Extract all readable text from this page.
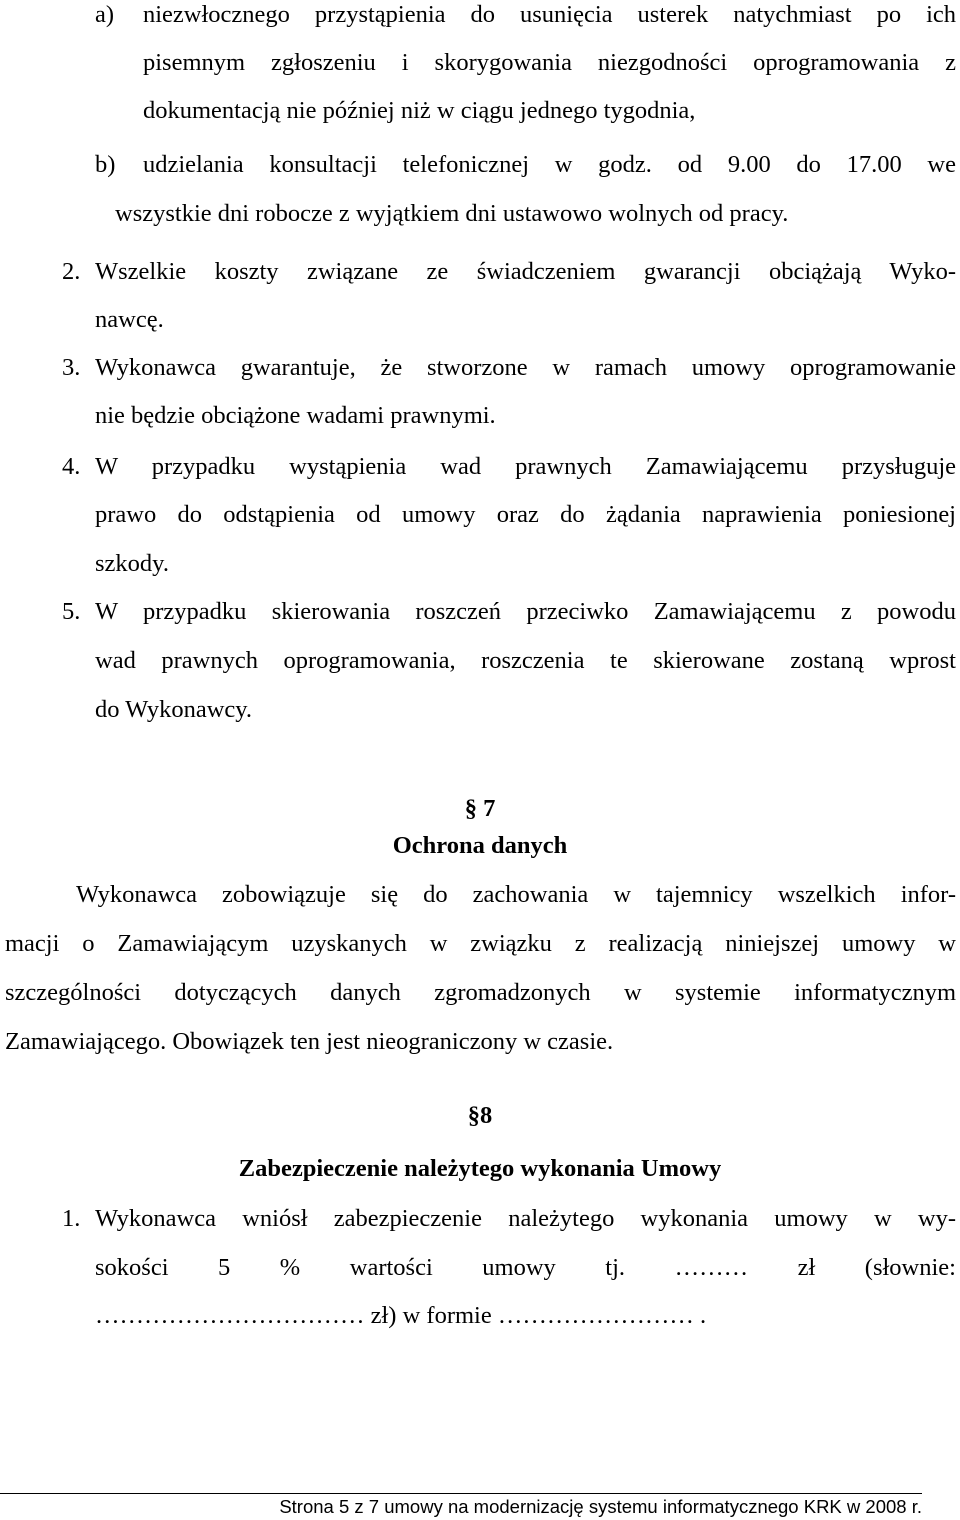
a) niezwłocznego przystąpienia do usunięcia usterek natychmiast po ich
pisemnym zgłoszeniu i skorygowania niezgodności oprogramowania z
dokumentacją nie później niż w ciągu jednego tygodnia,
b) udzielania konsultacji telefonicznej w godz. od 9.00 do 17.00 we
wszystkie dni robocze z wyjątkiem dni ustawowo wolnych od pracy.
2. Wszelkie koszty związane ze świadczeniem gwarancji obciążają Wyko-
nawcę.
3. Wykonawca gwarantuje, że stworzone w ramach umowy oprogramowanie
nie będzie obciążone wadami prawnymi.
4. W przypadku wystąpienia wad prawnych Zamawiającemu przysługuje
prawo do odstąpienia od umowy oraz do żądania naprawienia poniesionej
szkody.
5. W przypadku skierowania roszczeń przeciwko Zamawiającemu z powodu
wad prawnych oprogramowania, roszczenia te skierowane zostaną wprost
do Wykonawcy.
§ 7
Ochrona danych
Wykonawca zobowiązuje się do zachowania w tajemnicy wszelkich infor-
macji o Zamawiającym uzyskanych w związku z realizacją niniejszej umowy w
szczególności dotyczących danych zgromadzonych w systemie informatycznym
Zamawiającego. Obowiązek ten jest nieograniczony w czasie.
§8
Zabezpieczenie należytego wykonania Umowy
1. Wykonawca wniósł zabezpieczenie należytego wykonania umowy w wy-
sokości 5 % wartości umowy tj. ……… zł (słownie:
…………………………… zł) w formie …………………… .
Strona 5 z 7 umowy na modernizację systemu informatycznego KRK w 2008 r.
